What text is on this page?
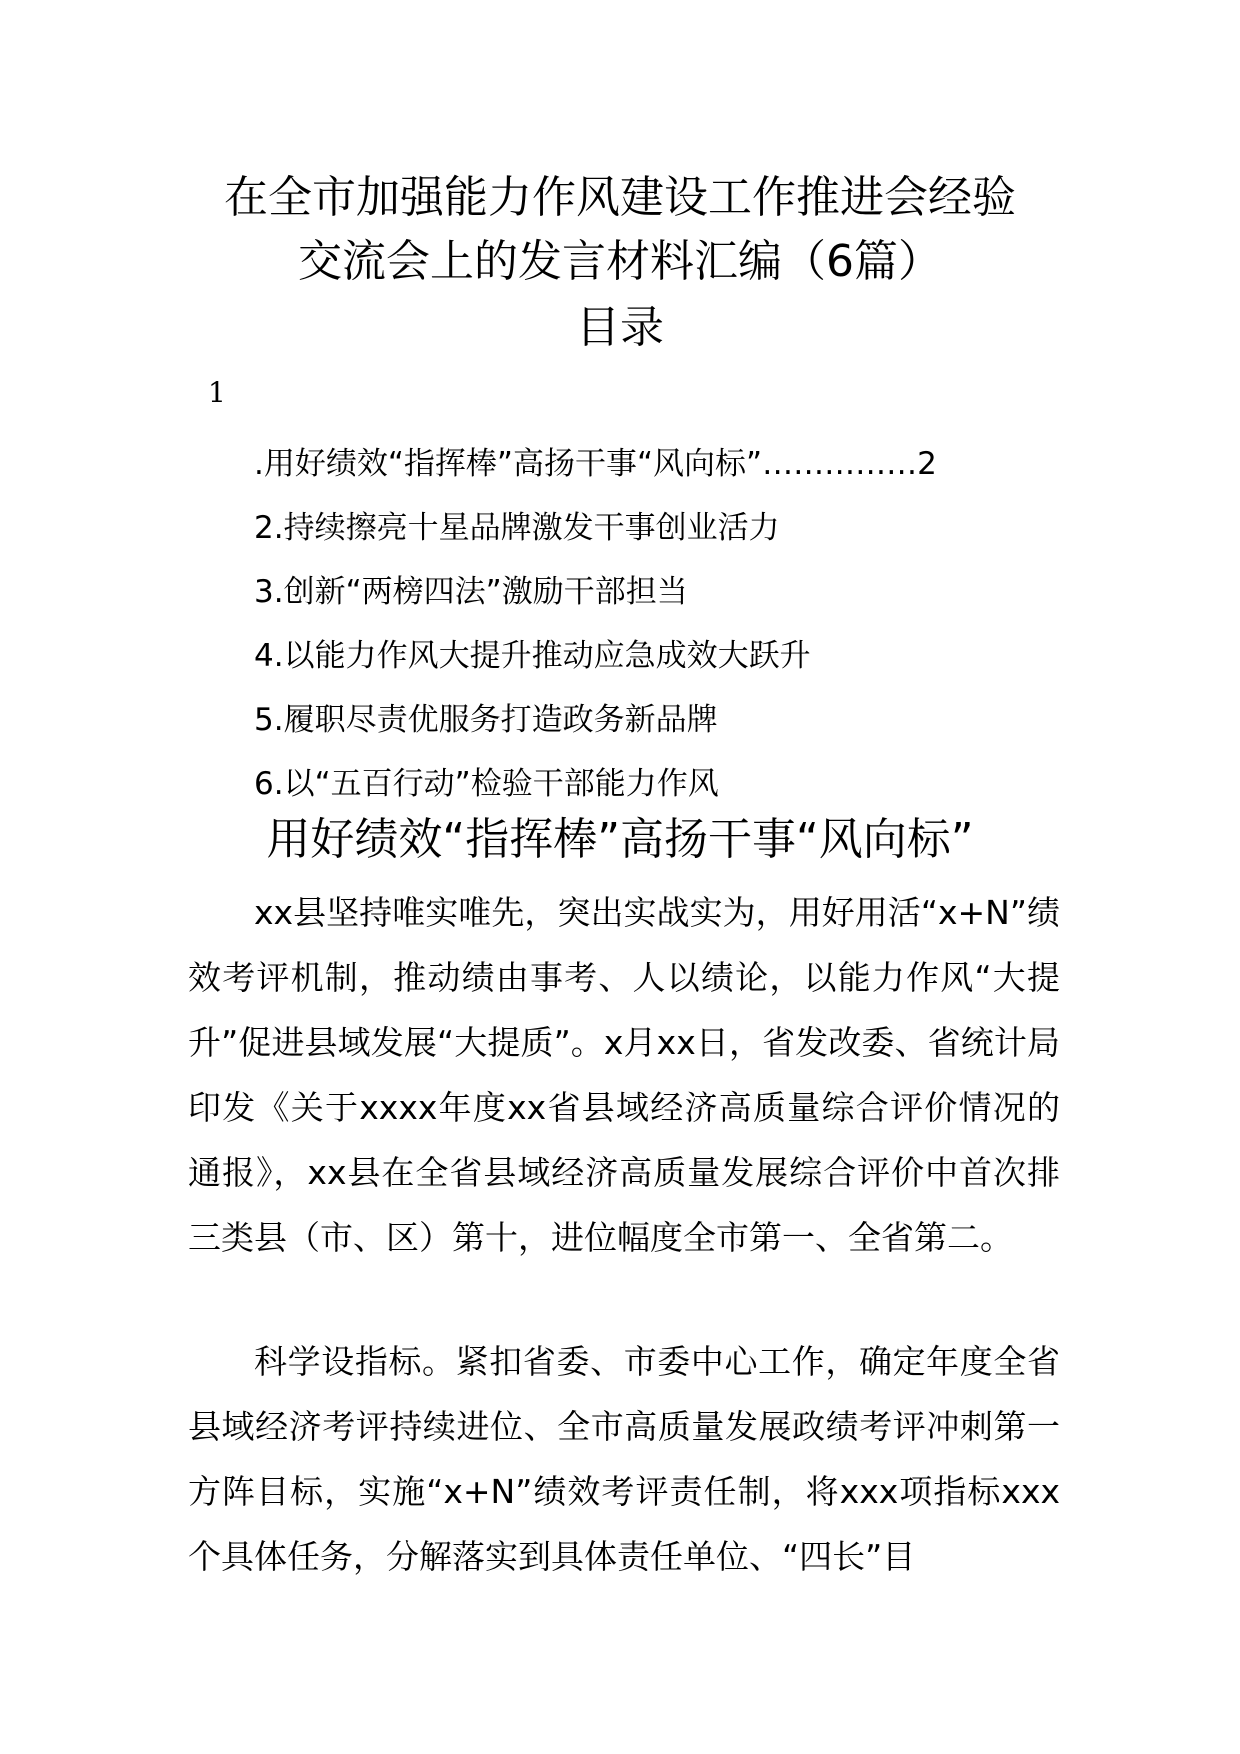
在全市加强能力作风建设工作推进会经验
交流会上的发言材料汇编（6篇）
目录
1
.用好绩效“指挥棒”高扬干事“风向标”……………2
2.持续擦亮十星品牌激发干事创业活力
3.创新“两榜四法”激励干部担当
4.以能力作风大提升推动应急成效大跃升
5.履职尽责优服务打造政务新品牌
6.以“五百行动”检验干部能力作风
用好绩效“指挥棒”高扬干事“风向标”

xx县坚持唯实唯先，突出实战实为，用好用活“x+N”绩效考评机制，推动绩由事考、人以绩论，以能力作风“大提升”促进县域发展“大提质”。x月xx日，省发改委、省统计局印发《关于xxxx年度xx省县域经济高质量综合评价情况的通报》，xx县在全省县域经济高质量发展综合评价中首次排三类县（市、区）第十，进位幅度全市第一、全省第二。

科学设指标。紧扣省委、市委中心工作，确定年度全省县域经济考评持续进位、全市高质量发展政绩考评冲刺第一方阵目标，实施“x+N”绩效考评责任制，将xxx项指标xxx个具体任务，分解落实到具体责任单位、“四长”目
